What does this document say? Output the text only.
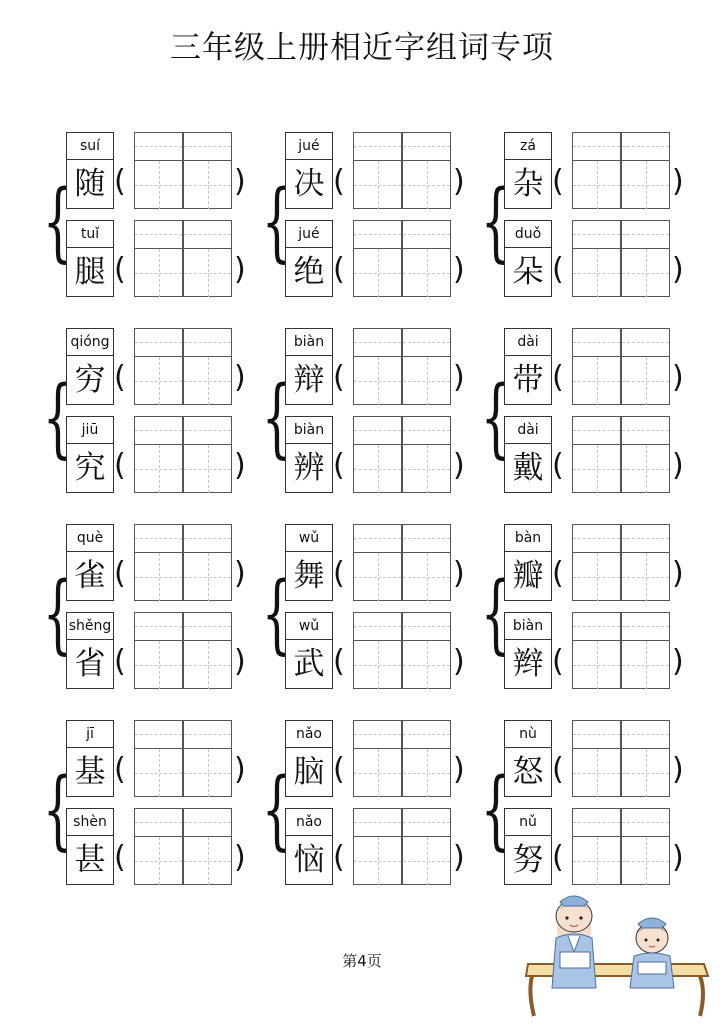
三年级上册相近字组词专项
{
suí
随 (	)
tuǐ
腿 (	) {
jué
决 (	)
jué
绝 (	) {
zá
杂 (	)
duǒ
朵 (	)
{
qióng
穷 (	)
jiū
究 (	) {
biàn
辩 (	)
biàn
辨 (	) {
dài
带 (	)
dài
戴 (	)
{
què
雀 (	)
shěng
省 (	) {
wǔ
舞 (	)
wǔ
武 (	) {
bàn
瓣 (	)
biàn
辫 (	)
{
jī
基 (	)
shèn
甚 (	) {
nǎo
脑 (	)
nǎo
恼 (	) {
nù
怒 (	)
nǔ
努 (	)
第4页
